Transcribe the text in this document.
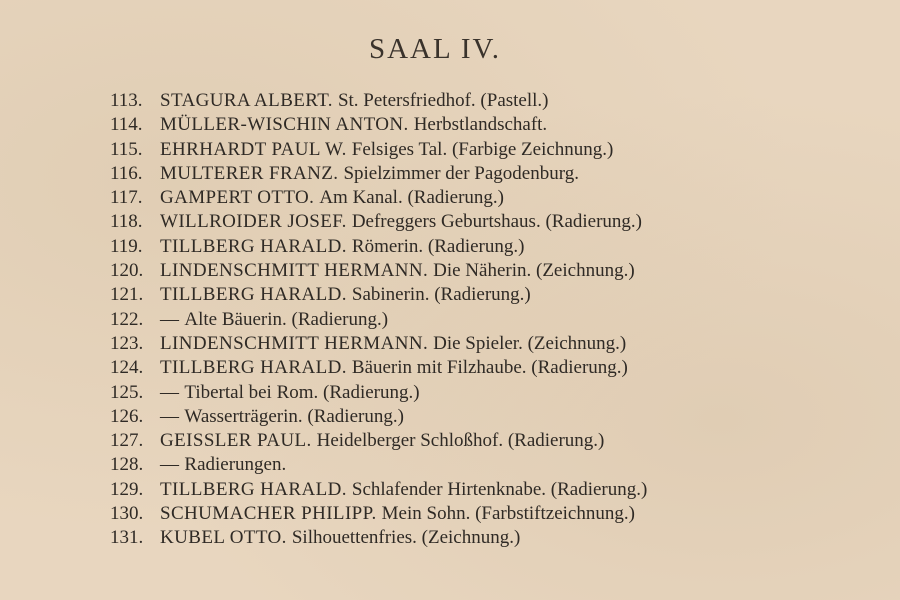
SAAL IV.
113. STAGURA ALBERT. St. Petersfriedhof. (Pastell.)
114. MÜLLER-WISCHIN ANTON. Herbstlandschaft.
115. EHRHARDT PAUL W. Felsiges Tal. (Farbige Zeichnung.)
116. MULTERER FRANZ. Spielzimmer der Pagodenburg.
117. GAMPERT OTTO. Am Kanal. (Radierung.)
118. WILLROIDER JOSEF. Defreggers Geburtshaus. (Radierung.)
119. TILLBERG HARALD. Römerin. (Radierung.)
120. LINDENSCHMITT HERMANN. Die Näherin. (Zeichnung.)
121. TILLBERG HARALD. Sabinerin. (Radierung.)
122. — Alte Bäuerin. (Radierung.)
123. LINDENSCHMITT HERMANN. Die Spieler. (Zeichnung.)
124. TILLBERG HARALD. Bäuerin mit Filzhaube. (Radierung.)
125. — Tibertal bei Rom. (Radierung.)
126. — Wasserträgerin. (Radierung.)
127. GEISSLER PAUL. Heidelberger Schloßhof. (Radierung.)
128. — Radierungen.
129. TILLBERG HARALD. Schlafender Hirtenknabe. (Radierung.)
130. SCHUMACHER PHILIPP. Mein Sohn. (Farbstiftzeichnung.)
131. KUBEL OTTO. Silhouettenfries. (Zeichnung.)
